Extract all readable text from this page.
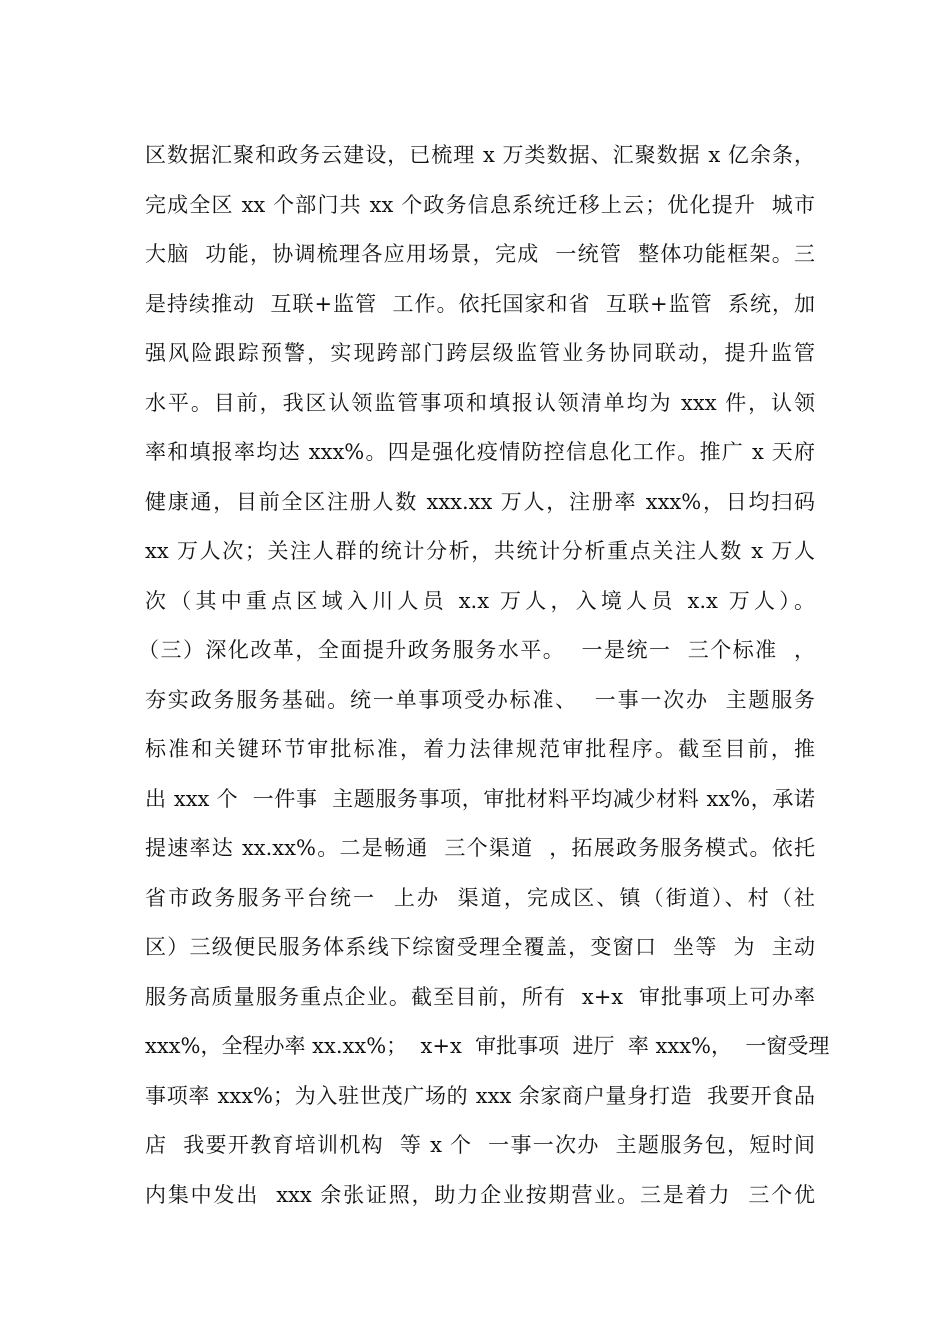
区数据汇聚和政务云建设，已梳理 x 万类数据、汇聚数据 x 亿余条，
完成全区 xx 个部门共 xx 个政务信息系统迁移上云；优化提升  城市
大脑  功能，协调梳理各应用场景，完成  一统管  整体功能框架。三
是持续推动  互联+监管  工作。依托国家和省  互联+监管  系统，加
强风险跟踪预警，实现跨部门跨层级监管业务协同联动，提升监管
水平。目前，我区认领监管事项和填报认领清单均为 xxx 件，认领
率和填报率均达 xxx%。四是强化疫情防控信息化工作。推广 x 天府
健康通，目前全区注册人数 xxx.xx 万人，注册率 xxx%，日均扫码
xx 万人次；关注人群的统计分析，共统计分析重点关注人数 x 万人
次（其中重点区域入川人员 x.x 万人，入境人员 x.x 万人）。
（三）深化改革，全面提升政务服务水平。  一是统一  三个标准  ，
夯实政务服务基础。统一单事项受办标准、  一事一次办  主题服务
标准和关键环节审批标准，着力法律规范审批程序。截至目前，推
出 xxx 个  一件事  主题服务事项，审批材料平均减少材料 xx%，承诺
提速率达 xx.xx%。二是畅通  三个渠道  ，拓展政务服务模式。依托
省市政务服务平台统一  上办  渠道，完成区、镇（街道）、村（社
区）三级便民服务体系线下综窗受理全覆盖，变窗口  坐等  为  主动
服务高质量服务重点企业。截至目前，所有  x+x  审批事项上可办率
xxx%，全程办率 xx.xx%；  x+x  审批事项  进厅  率 xxx%，  一窗受理
事项率 xxx%；为入驻世茂广场的 xxx 余家商户量身打造  我要开食品
店  我要开教育培训机构  等 x 个  一事一次办  主题服务包，短时间
内集中发出  xxx 余张证照，助力企业按期营业。三是着力  三个优
